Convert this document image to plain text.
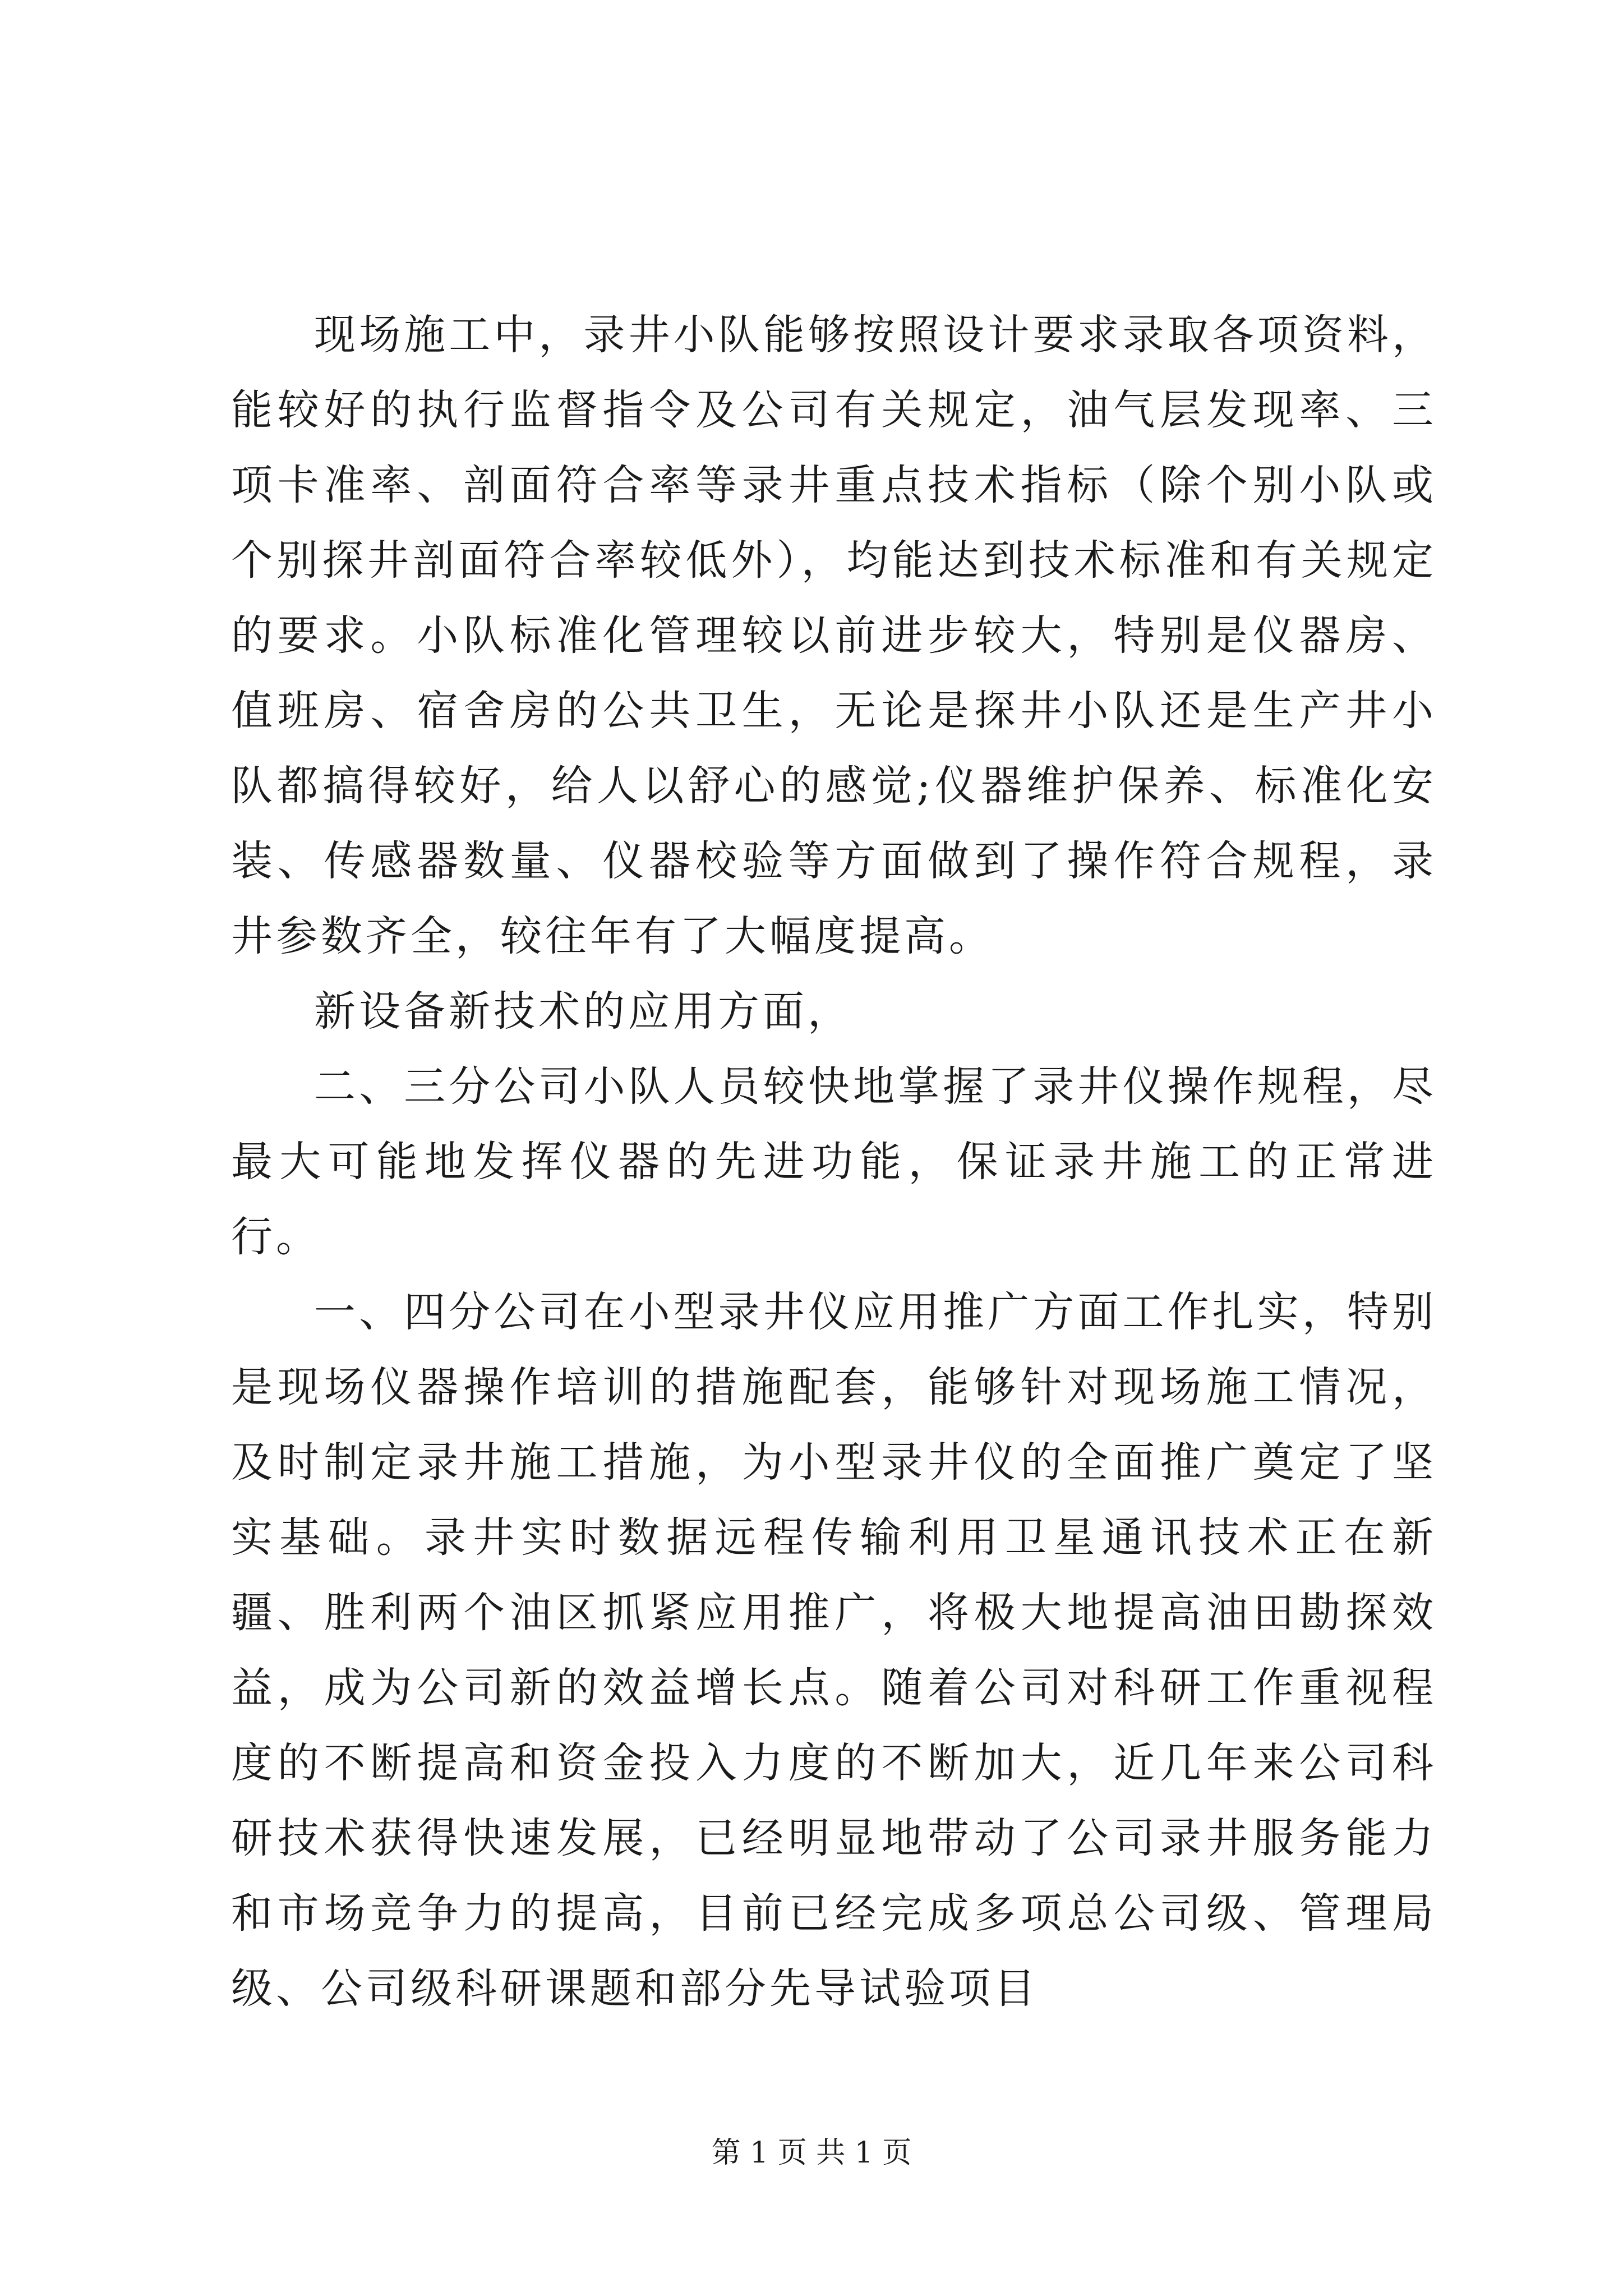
现场施工中，录井小队能够按照设计要求录取各项资料，能较好的执行监督指令及公司有关规定，油气层发现率、三项卡准率、剖面符合率等录井重点技术指标（除个别小队或个别探井剖面符合率较低外），均能达到技术标准和有关规定的要求。小队标准化管理较以前进步较大，特别是仪器房、值班房、宿舍房的公共卫生，无论是探井小队还是生产井小队都搞得较好，给人以舒心的感觉;仪器维护保养、标准化安装、传感器数量、仪器校验等方面做到了操作符合规程，录井参数齐全，较往年有了大幅度提高。

新设备新技术的应用方面，

二、三分公司小队人员较快地掌握了录井仪操作规程，尽最大可能地发挥仪器的先进功能，保证录井施工的正常进行。

一、四分公司在小型录井仪应用推广方面工作扎实，特别是现场仪器操作培训的措施配套，能够针对现场施工情况，及时制定录井施工措施，为小型录井仪的全面推广奠定了坚实基础。录井实时数据远程传输利用卫星通讯技术正在新疆、胜利两个油区抓紧应用推广，将极大地提高油田勘探效益，成为公司新的效益增长点。随着公司对科研工作重视程度的不断提高和资金投入力度的不断加大，近几年来公司科研技术获得快速发展，已经明显地带动了公司录井服务能力和市场竞争力的提高，目前已经完成多项总公司级、管理局级、公司级科研课题和部分先导试验项目

第 1 页 共 1 页
